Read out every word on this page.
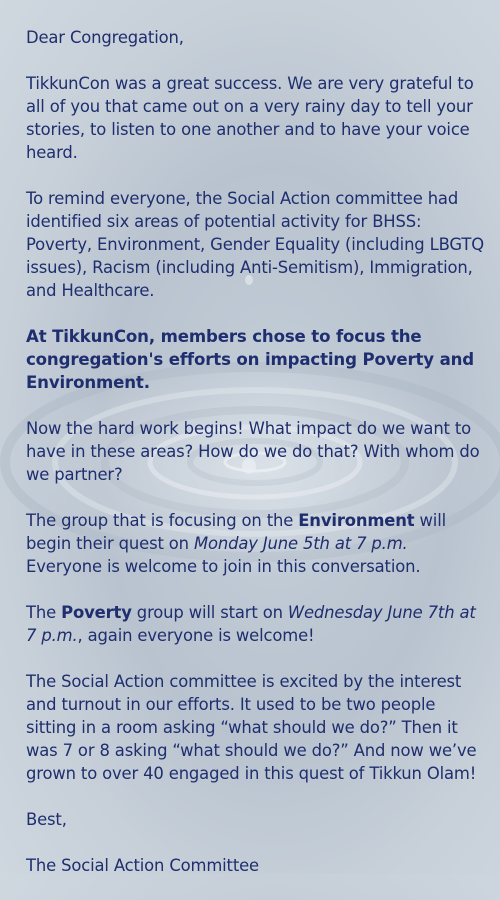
Dear Congregation,

TikkunCon was a great success. We are very grateful to all of you that came out on a very rainy day to tell your stories, to listen to one another and to have your voice heard.

To remind everyone, the Social Action committee had identified six areas of potential activity for BHSS: Poverty, Environment, Gender Equality (including LBGTQ issues), Racism (including Anti-Semitism), Immigration, and Healthcare.

At TikkunCon, members chose to focus the congregation's efforts on impacting Poverty and Environment.

Now the hard work begins! What impact do we want to have in these areas? How do we do that? With whom do we partner?

The group that is focusing on the Environment will begin their quest on Monday June 5th at 7 p.m. Everyone is welcome to join in this conversation.

The Poverty group will start on Wednesday June 7th at 7 p.m., again everyone is welcome!

The Social Action committee is excited by the interest and turnout in our efforts. It used to be two people sitting in a room asking “what should we do?” Then it was 7 or 8 asking “what should we do?” And now we’ve grown to over 40 engaged in this quest of Tikkun Olam!

Best,

The Social Action Committee
